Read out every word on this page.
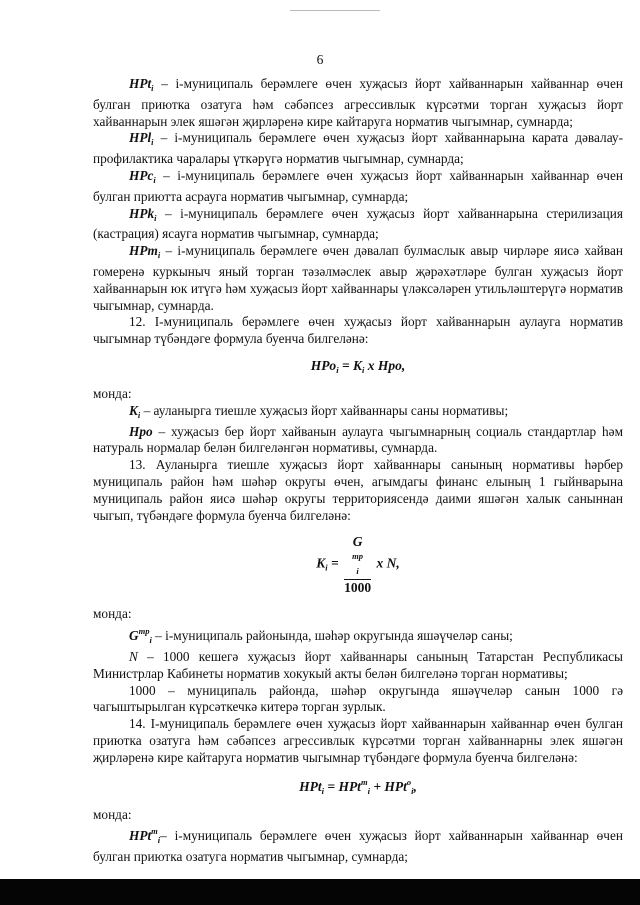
6

HPt$_i$ – і-муниципаль берәмлеге өчен хуҗасыз йорт хайваннарын хайваннар өчен булган приютка озатуга һәм сәбәпсез агрессивлык күрсәтми торган хуҗасыз йорт хайваннарын элек яшәгән җирләренә кире кайтаруга норматив чыгымнар, сумнарда;

HPl$_i$ – і-муниципаль берәмлеге өчен хуҗасыз йорт хайваннарына карата дәвалау-профилактика чаралары үткәрүгә норматив чыгымнар, сумнарда;

HPc$_i$ – і-муниципаль берәмлеге өчен хуҗасыз йорт хайваннарын хайваннар өчен булган приютта асрауга норматив чыгымнар, сумнарда;

HPk$_i$ – і-муниципаль берәмлеге өчен хуҗасыз йорт хайваннарына стерилизация (кастрация) ясауга норматив чыгымнар, сумнарда;

HPm$_i$ – і-муниципаль берәмлеге өчен дәвалап булмаслык авыр чирләре яисә хайван гомеренә куркыныч яный торган тәзәлмәслек авыр җәрәхәтләре булган хуҗасыз йорт хайваннарын юк итүгә һәм хуҗасыз йорт хайваннары үләксәләрен утильләштерүгә норматив чыгымнар, сумнарда.

12. І-муниципаль берәмлеге өчен хуҗасыз йорт хайваннарын аулауга норматив чыгымнар түбәндәге формула буенча билгеләнә:

$HPo_i = K_i$ x Hpo,

монда:

$K_i$ – ауланырга тиешле хуҗасыз йорт хайваннары саны нормативы;

Hpo – хуҗасыз бер йорт хайванын аулауга чыгымнарның социаль стандартлар һәм натураль нормалар белән билгеләнгән нормативы, сумнарда.

13. Ауланырга тиешле хуҗасыз йорт хайваннары санының нормативы һәрбер муниципаль район һәм шәһәр округы өчен, агымдагы финанс елының 1 гыйнварына муниципаль район яисә шәһәр округы территориясендә даими яшәгән халык саныннан чыгып, түбәндәге формула буенча билгеләнә:

$K_i = G$
mp
i
1000 x N,

монда:

$G^{mp}_i$ – і-муниципаль районында, шәһәр округында яшәүчеләр саны;

N – 1000 кешегә хуҗасыз йорт хайваннары санының Татарстан Республикасы Министрлар Кабинеты норматив хокукый акты белән билгеләнә торган нормативы;

1000 – муниципаль районда, шәһәр округында яшәүчеләр санын 1000 гә чагыштырылган күрсәткечкә китерә торган зурлык.

14. І-муниципаль берәмлеге өчен хуҗасыз йорт хайваннарын хайваннар өчен булган приютка озатуга һәм сәбәпсез агрессивлык күрсәтми торган хайваннарны элек яшәгән җирләренә кире кайтаруга норматив чыгымнар түбәндәге формула буенча билгеләнә:

HPt$_i$ = HPt$^m_i$ + HPt$^o_i$,

монда:

HPt$^m_i$– і-муниципаль берәмлеге өчен хуҗасыз йорт хайваннарын хайваннар өчен булган приютка озатуга норматив чыгымнар, сумнарда;
